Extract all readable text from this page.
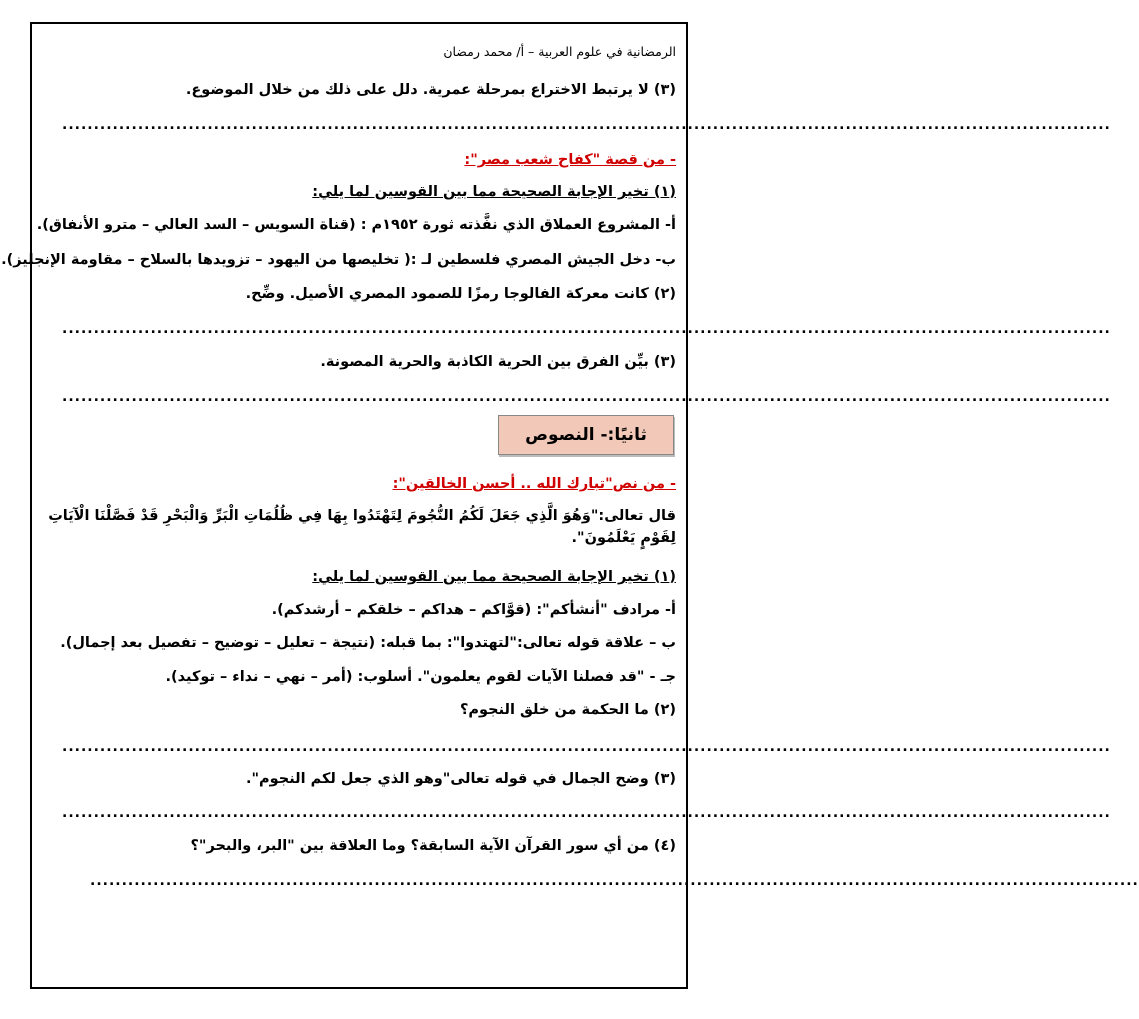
الرمضانية في علوم العربية – أ/ محمد رمضان
(٣) لا يرتبط الاختراع بمرحلة عمرية. دلل على ذلك من خلال الموضوع.
......................................................................................................................................................................
- من قصة "كفاح شعب مصر":
(١) تخير الإجابة الصحيحة مما بين القوسين لما يلي:
أ- المشروع العملاق الذي نفَّذته ثورة ١٩٥٢م : (قناة السويس – السد العالي – مترو الأنفاق).
ب- دخل الجيش المصري فلسطين لـ :( تخليصها من اليهود – تزويدها بالسلاح – مقاومة الإنجليز).
(٢) كانت معركة الفالوجا رمزًا للصمود المصري الأصيل. وضِّح.
......................................................................................................................................................................
(٣) بيِّن الفرق بين الحرية الكاذبة والحرية المصونة.
......................................................................................................................................................................
ثانيًا:- النصوص
- من نص"تبارك الله .. أحسن الخالقين":
قال تعالى:"وَهُوَ الَّذِي جَعَلَ لَكُمُ النُّجُومَ لِتَهْتَدُوا بِهَا فِي ظُلُمَاتِ الْبَرِّ وَالْبَحْرِ قَدْ فَصَّلْنَا الْآيَاتِ لِقَوْمٍ يَعْلَمُونَ".
(١) تخير الإجابة الصحيحة مما بين القوسين لما يلي:
أ- مرادف "أنشأكم": (قوَّاكم – هداكم – خلقكم – أرشدكم).
ب – علاقة قوله تعالى:"لتهتدوا": بما قبله: (نتيجة – تعليل – توضيح – تفصيل بعد إجمال).
جـ - "قد فصلنا الآيات لقوم يعلمون". أسلوب: (أمر – نهي – نداء – توكيد).
(٢) ما الحكمة من خلق النجوم؟
......................................................................................................................................................................
(٣) وضح الجمال في قوله تعالى"وهو الذي جعل لكم النجوم".
......................................................................................................................................................................
(٤) من أي سور القرآن الآية السابقة؟ وما العلاقة بين "البر، والبحر"؟
......................................................................................................................................................................
